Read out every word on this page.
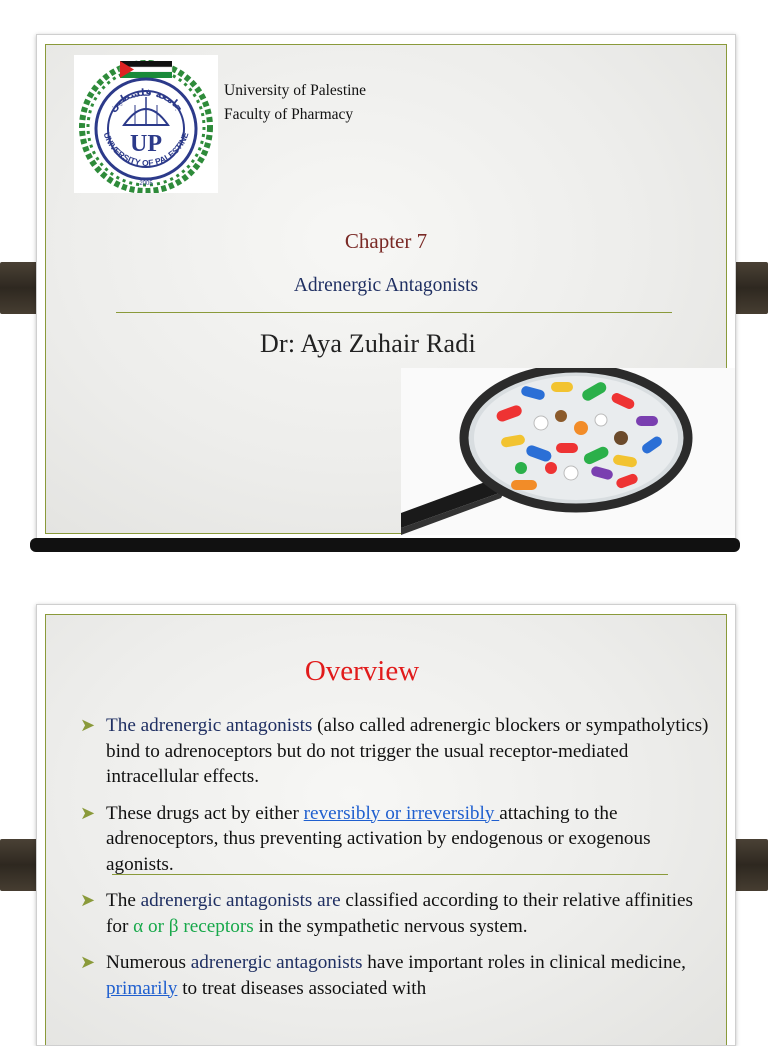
UP
UNIVERSITY OF PALESTINE
جامعة فلسطين
2005
University of Palestine
Faculty of Pharmacy
Chapter 7
Adrenergic Antagonists
Dr: Aya Zuhair Radi
Overview
➤ The adrenergic antagonists (also called adrenergic blockers or sympatholytics) bind to adrenoceptors but do not trigger the usual receptor-mediated intracellular effects.
➤ These drugs act by either reversibly or irreversibly attaching to the adrenoceptors, thus preventing activation by endogenous or exogenous agonists.
➤ The adrenergic antagonists are classified according to their relative affinities for α or β receptors in the sympathetic nervous system.
➤ Numerous adrenergic antagonists have important roles in clinical medicine, primarily to treat diseases associated with
